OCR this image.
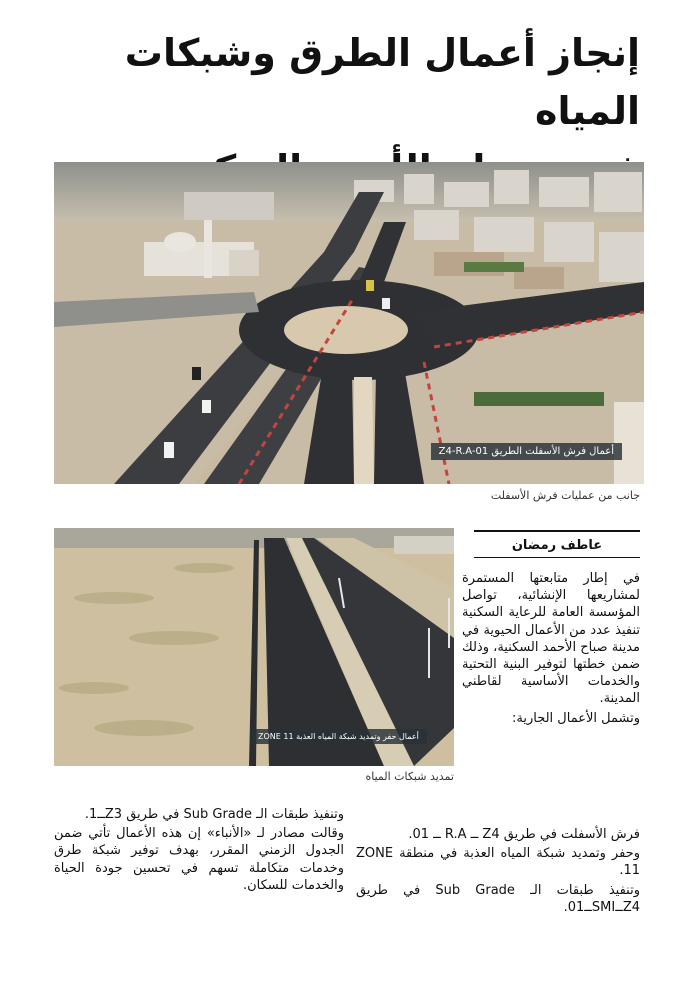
إنجاز أعمال الطرق وشبكات المياه
أعمال فرش الأسفلت الطريق Z4-R.A-01
جانب من عمليات فرش الأسفلت
أعمال حفر وتمديد شبكة المياه العذبة ZONE 11
تمديد شبكات المياه
عاطف رمضان

في إطار متابعتها المستمرة لمشاريعها الإنشائية، تواصل المؤسسة العامة للرعاية السكنية تنفيذ عدد من الأعمال الحيوية في مدينة صباح الأحمد السكنية، وذلك ضمن خطتها لتوفير البنية التحتية والخدمات الأساسية لقاطني المدينة.

وتشمل الأعمال الجارية:

فرش الأسفلت في طريق Z4 ــ R.A ــ 01.

وحفر وتمديد شبكة المياه العذبة في منطقة ZONE 11.

وتنفيذ طبقات الـ Sub Grade في طريق Z4ــSMIــ01.

وتنفيذ طبقات الـ Sub Grade في طريق Z3ــ1.

وقالت مصادر لـ «الأنباء» إن هذه الأعمال تأتي ضمن الجدول الزمني المقرر، بهدف توفير شبكة طرق وخدمات متكاملة تسهم في تحسين جودة الحياة والخدمات للسكان.
